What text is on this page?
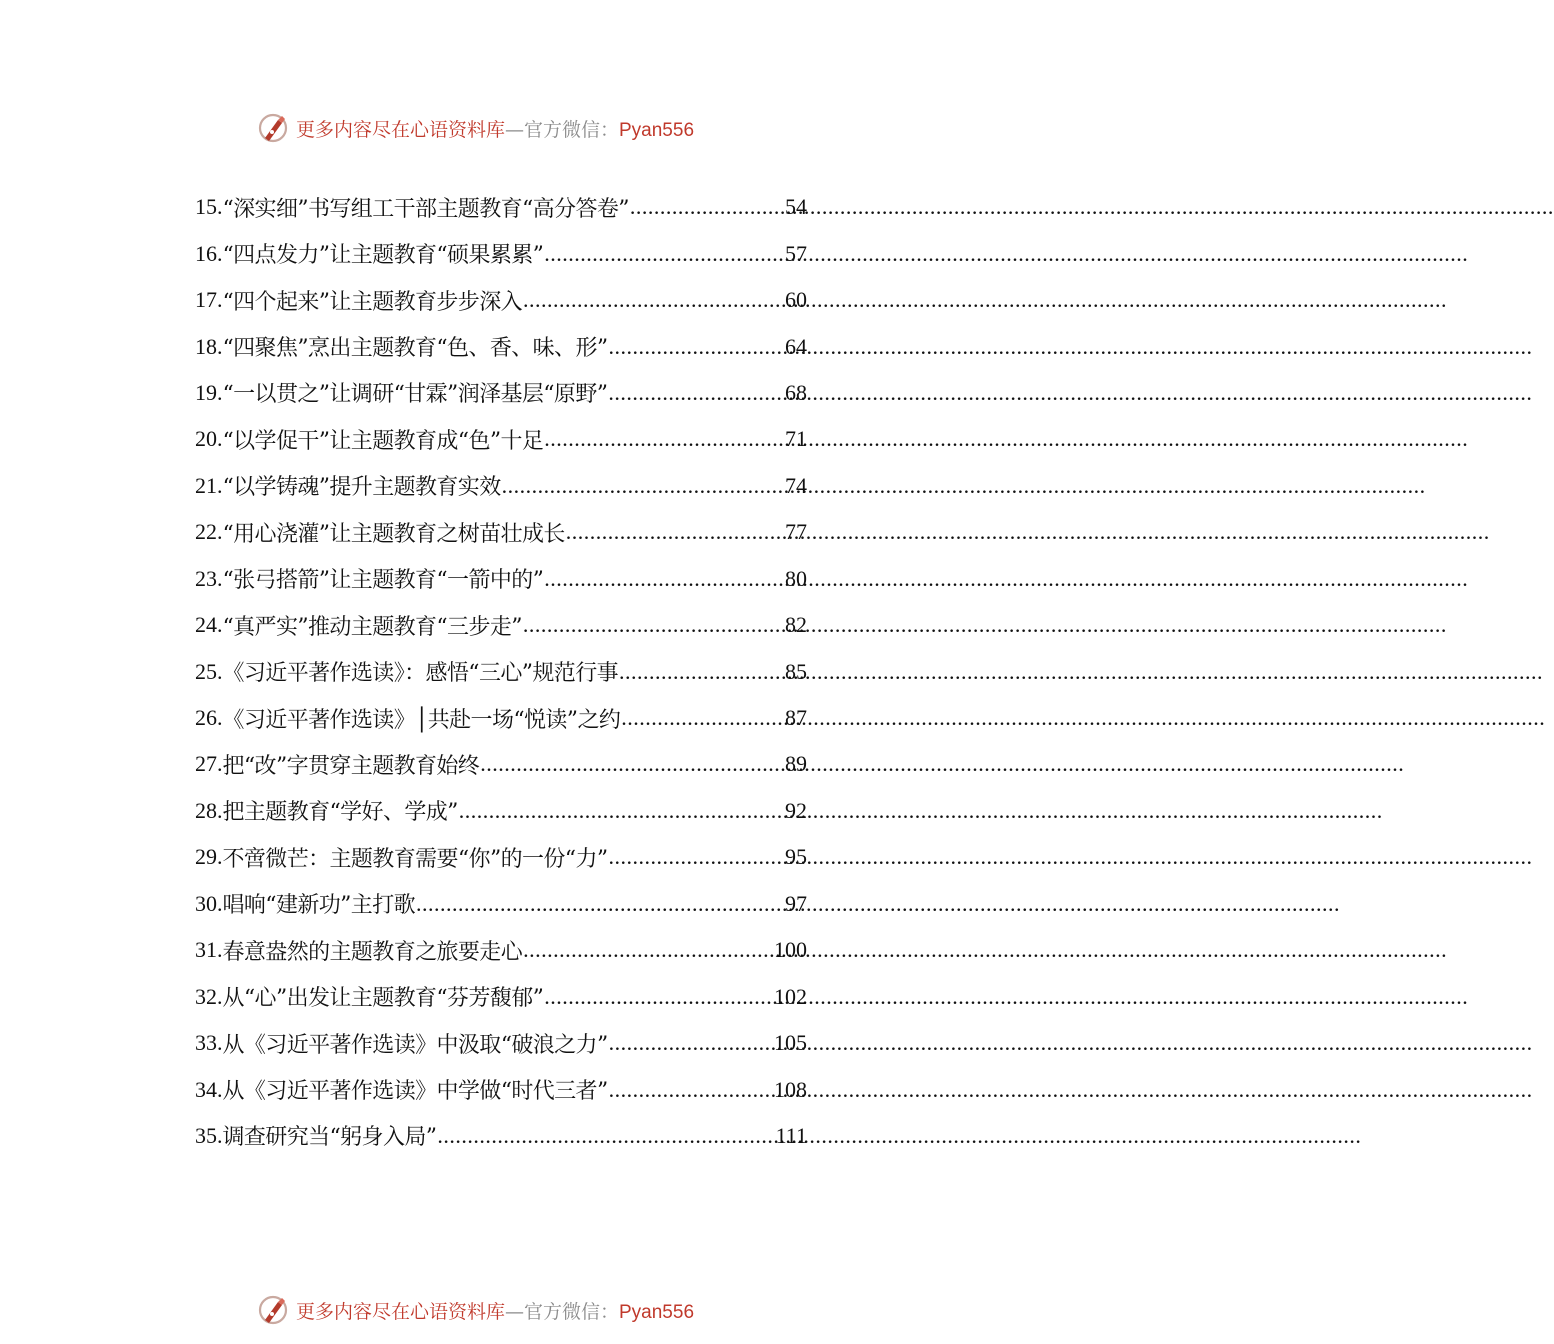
更多内容尽在心语资料库—官方微信：Pyan556
15. “深实细”书写组工干部主题教育“高分答卷” .....	54
16. “四点发力”让主题教育“硕果累累” .....	57
17. “四个起来”让主题教育步步深入 .....	60
18. “四聚焦”烹出主题教育“色、香、味、形” .....	64
19. “一以贯之”让调研“甘霖”润泽基层“原野” .....	68
20. “以学促干”让主题教育成“色”十足 .....	71
21. “以学铸魂”提升主题教育实效 .....	74
22. “用心浇灌”让主题教育之树苗壮成长 .....	77
23. “张弓搭箭”让主题教育“一箭中的” .....	80
24. “真严实”推动主题教育“三步走” .....	82
25. 《习近平著作选读》：感悟“三心”规范行事 .....	85
26. 《习近平著作选读》│共赴一场“悦读”之约 .....	87
27. 把“改”字贯穿主题教育始终 .....	89
28. 把主题教育“学好、学成” .....	92
29. 不啻微芒：主题教育需要“你”的一份“力” .....	95
30. 唱响“建新功”主打歌 .....	97
31. 春意盎然的主题教育之旅要走心 .....	100
32. 从“心”出发让主题教育“芬芳馥郁” .....	102
33. 从《习近平著作选读》中汲取“破浪之力” .....	105
34. 从《习近平著作选读》中学做“时代三者” .....	108
35. 调查研究当“躬身入局” .....	111
更多内容尽在心语资料库—官方微信：Pyan556
